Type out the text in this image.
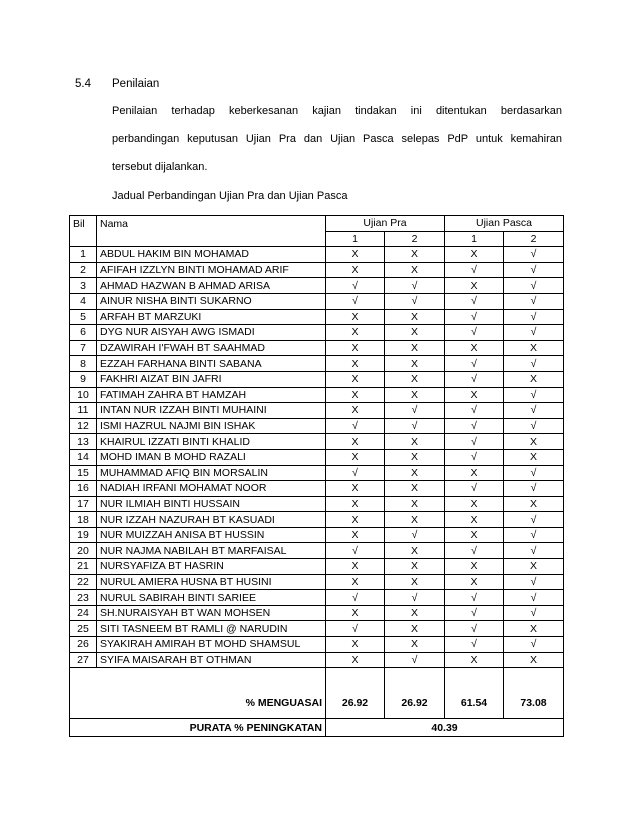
5.4 Penilaian
Penilaian terhadap keberkesanan kajian tindakan ini ditentukan berdasarkan
perbandingan keputusan Ujian Pra dan Ujian Pasca selepas PdP untuk kemahiran
tersebut dijalankan.
Jadual Perbandingan Ujian Pra dan Ujian Pasca
Bil	Nama	Ujian Pra		Ujian Pasca	
		1	2	1	2
1	ABDUL HAKIM BIN MOHAMAD	X	X	X	√
2	AFIFAH IZZLYN BINTI MOHAMAD ARIF	X	X	√	√
3	AHMAD HAZWAN B AHMAD ARISA	√	√	X	√
4	AINUR NISHA BINTI SUKARNO	√	√	√	√
5	ARFAH BT MARZUKI	X	X	√	√
6	DYG NUR AISYAH AWG ISMADI	X	X	√	√
7	DZAWIRAH I'FWAH BT SAAHMAD	X	X	X	X
8	EZZAH FARHANA BINTI SABANA	X	X	√	√
9	FAKHRI AIZAT BIN JAFRI	X	X	√	X
10	FATIMAH ZAHRA BT HAMZAH	X	X	X	√
11	INTAN NUR IZZAH BINTI MUHAINI	X	√	√	√
12	ISMI HAZRUL NAJMI BIN ISHAK	√	√	√	√
13	KHAIRUL IZZATI BINTI KHALID	X	X	√	X
14	MOHD IMAN B MOHD RAZALI	X	X	√	X
15	MUHAMMAD AFIQ BIN MORSALIN	√	X	X	√
16	NADIAH IRFANI MOHAMAT NOOR	X	X	√	√
17	NUR ILMIAH BINTI HUSSAIN	X	X	X	X
18	NUR IZZAH NAZURAH BT KASUADI	X	X	X	√
19	NUR MUIZZAH ANISA BT HUSSIN	X	√	X	√
20	NUR NAJMA NABILAH BT MARFAISAL	√	X	√	√
21	NURSYAFIZA BT HASRIN	X	X	X	X
22	NURUL AMIERA HUSNA BT HUSINI	X	X	X	√
23	NURUL SABIRAH BINTI SARIEE	√	√	√	√
24	SH.NURAISYAH BT WAN MOHSEN	X	X	√	√
25	SITI TASNEEM BT RAMLI @ NARUDIN	√	X	√	X
26	SYAKIRAH AMIRAH BT MOHD SHAMSUL	X	X	√	√
27	SYIFA MAISARAH BT OTHMAN	X	√	X	X
% MENGUASAI		26.92	26.92	61.54	73.08
PURATA % PENINGKATAN		40.39			
